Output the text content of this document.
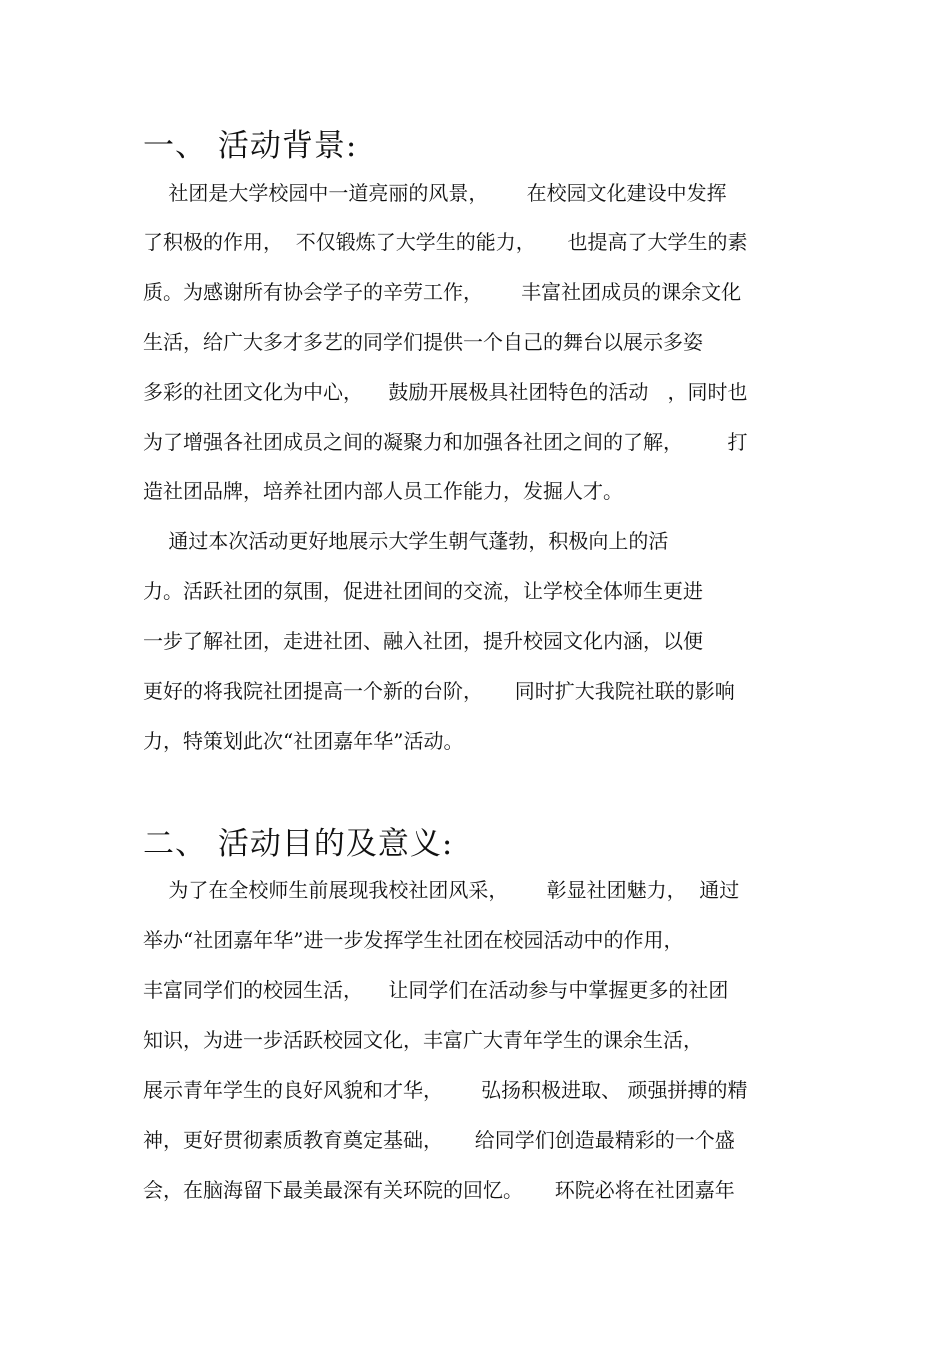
一、 活动背景:

社团是大学校园中一道亮丽的风景，      在校园文化建设中发挥

了积极的作用，  不仅锻炼了大学生的能力，     也提高了大学生的素

质。为感谢所有协会学子的辛劳工作，      丰富社团成员的课余文化

生活，给广大多才多艺的同学们提供一个自己的舞台以展示多姿

多彩的社团文化为中心，    鼓励开展极具社团特色的活动   ，同时也

为了增强各社团成员之间的凝聚力和加强各社团之间的了解，       打

造社团品牌，培养社团内部人员工作能力，发掘人才。

通过本次活动更好地展示大学生朝气蓬勃，积极向上的活

力。活跃社团的氛围，促进社团间的交流，让学校全体师生更进

一步了解社团，走进社团、融入社团，提升校园文化内涵，以便

更好的将我院社团提高一个新的台阶，     同时扩大我院社联的影响

力，特策划此次“社团嘉年华”活动。

二、 活动目的及意义:

为了在全校师生前展现我校社团风采，      彰显社团魅力，  通过

举办“社团嘉年华”进一步发挥学生社团在校园活动中的作用，

丰富同学们的校园生活，    让同学们在活动参与中掌握更多的社团

知识，为进一步活跃校园文化，丰富广大青年学生的课余生活，

展示青年学生的良好风貌和才华，      弘扬积极进取、 顽强拼搏的精

神，更好贯彻素质教育奠定基础，     给同学们创造最精彩的一个盛

会，在脑海留下最美最深有关环院的回忆。     环院必将在社团嘉年
